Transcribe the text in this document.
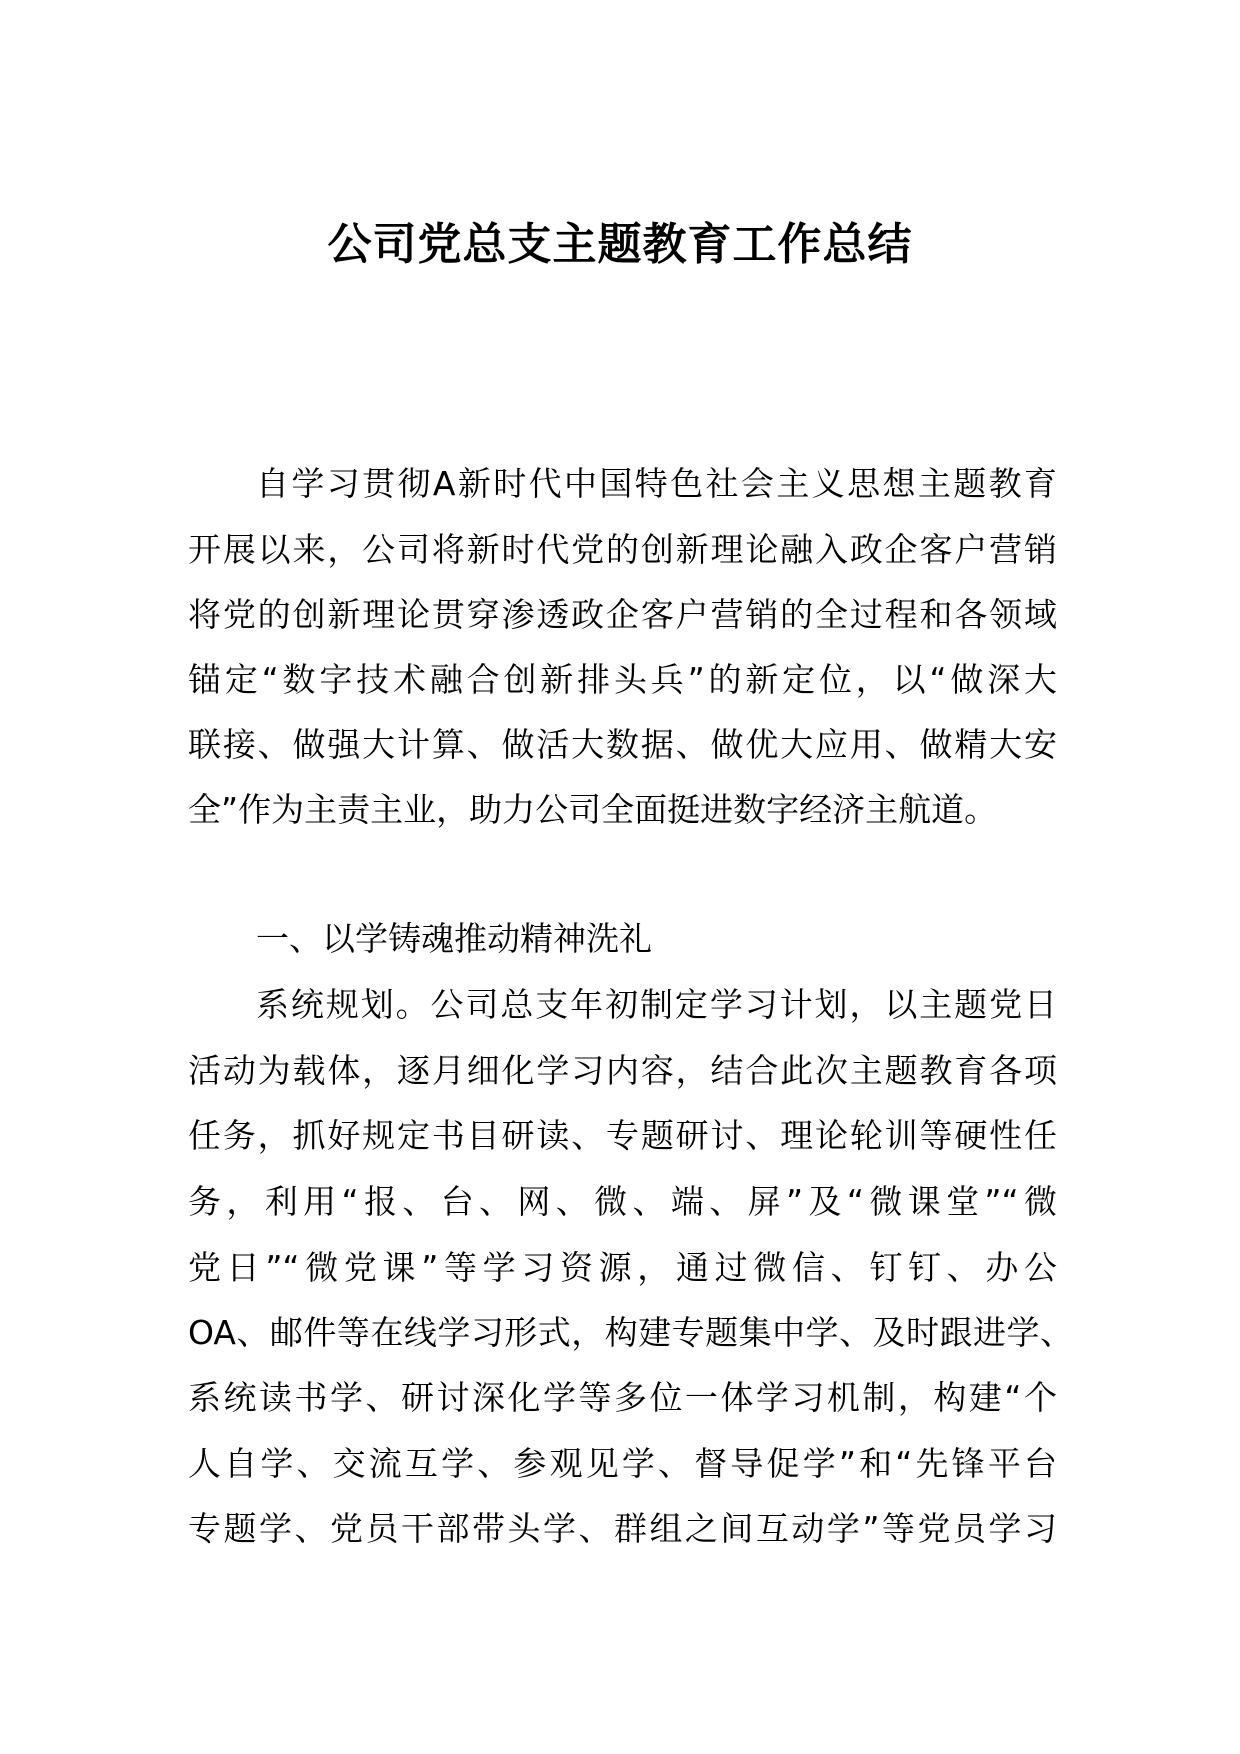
公司党总支主题教育工作总结
自学习贯彻A新时代中国特色社会主义思想主题教育
开展以来，公司将新时代党的创新理论融入政企客户营销
将党的创新理论贯穿渗透政企客户营销的全过程和各领域
锚定“数字技术融合创新排头兵”的新定位，以“做深大
联接、做强大计算、做活大数据、做优大应用、做精大安
全”作为主责主业，助力公司全面挺进数字经济主航道。
一、以学铸魂推动精神洗礼
系统规划。公司总支年初制定学习计划，以主题党日
活动为载体，逐月细化学习内容，结合此次主题教育各项
任务，抓好规定书目研读、专题研讨、理论轮训等硬性任
务，利用“报、台、网、微、端、屏”及“微课堂”“微
党日”“微党课”等学习资源，通过微信、钉钉、办公
OA、邮件等在线学习形式，构建专题集中学、及时跟进学、
系统读书学、研讨深化学等多位一体学习机制，构建“个
人自学、交流互学、参观见学、督导促学”和“先锋平台
专题学、党员干部带头学、群组之间互动学”等党员学习
